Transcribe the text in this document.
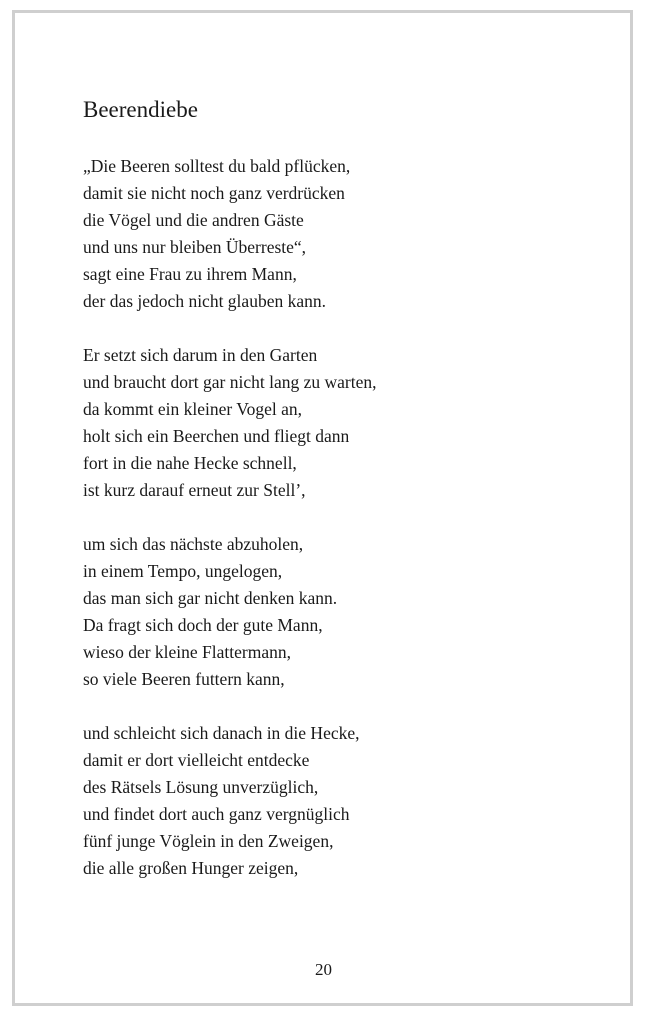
Beerendiebe
„Die Beeren solltest du bald pflücken,
damit sie nicht noch ganz verdrücken
die Vögel und die andren Gäste
und uns nur bleiben Überreste“,
sagt eine Frau zu ihrem Mann,
der das jedoch nicht glauben kann.
Er setzt sich darum in den Garten
und braucht dort gar nicht lang zu warten,
da kommt ein kleiner Vogel an,
holt sich ein Beerchen und fliegt dann
fort in die nahe Hecke schnell,
ist kurz darauf erneut zur Stell’,
um sich das nächste abzuholen,
in einem Tempo, ungelogen,
das man sich gar nicht denken kann.
Da fragt sich doch der gute Mann,
wieso der kleine Flattermann,
so viele Beeren futtern kann,
und schleicht sich danach in die Hecke,
damit er dort vielleicht entdecke
des Rätsels Lösung unverzüglich,
und findet dort auch ganz vergnüglich
fünf junge Vöglein in den Zweigen,
die alle großen Hunger zeigen,
20
